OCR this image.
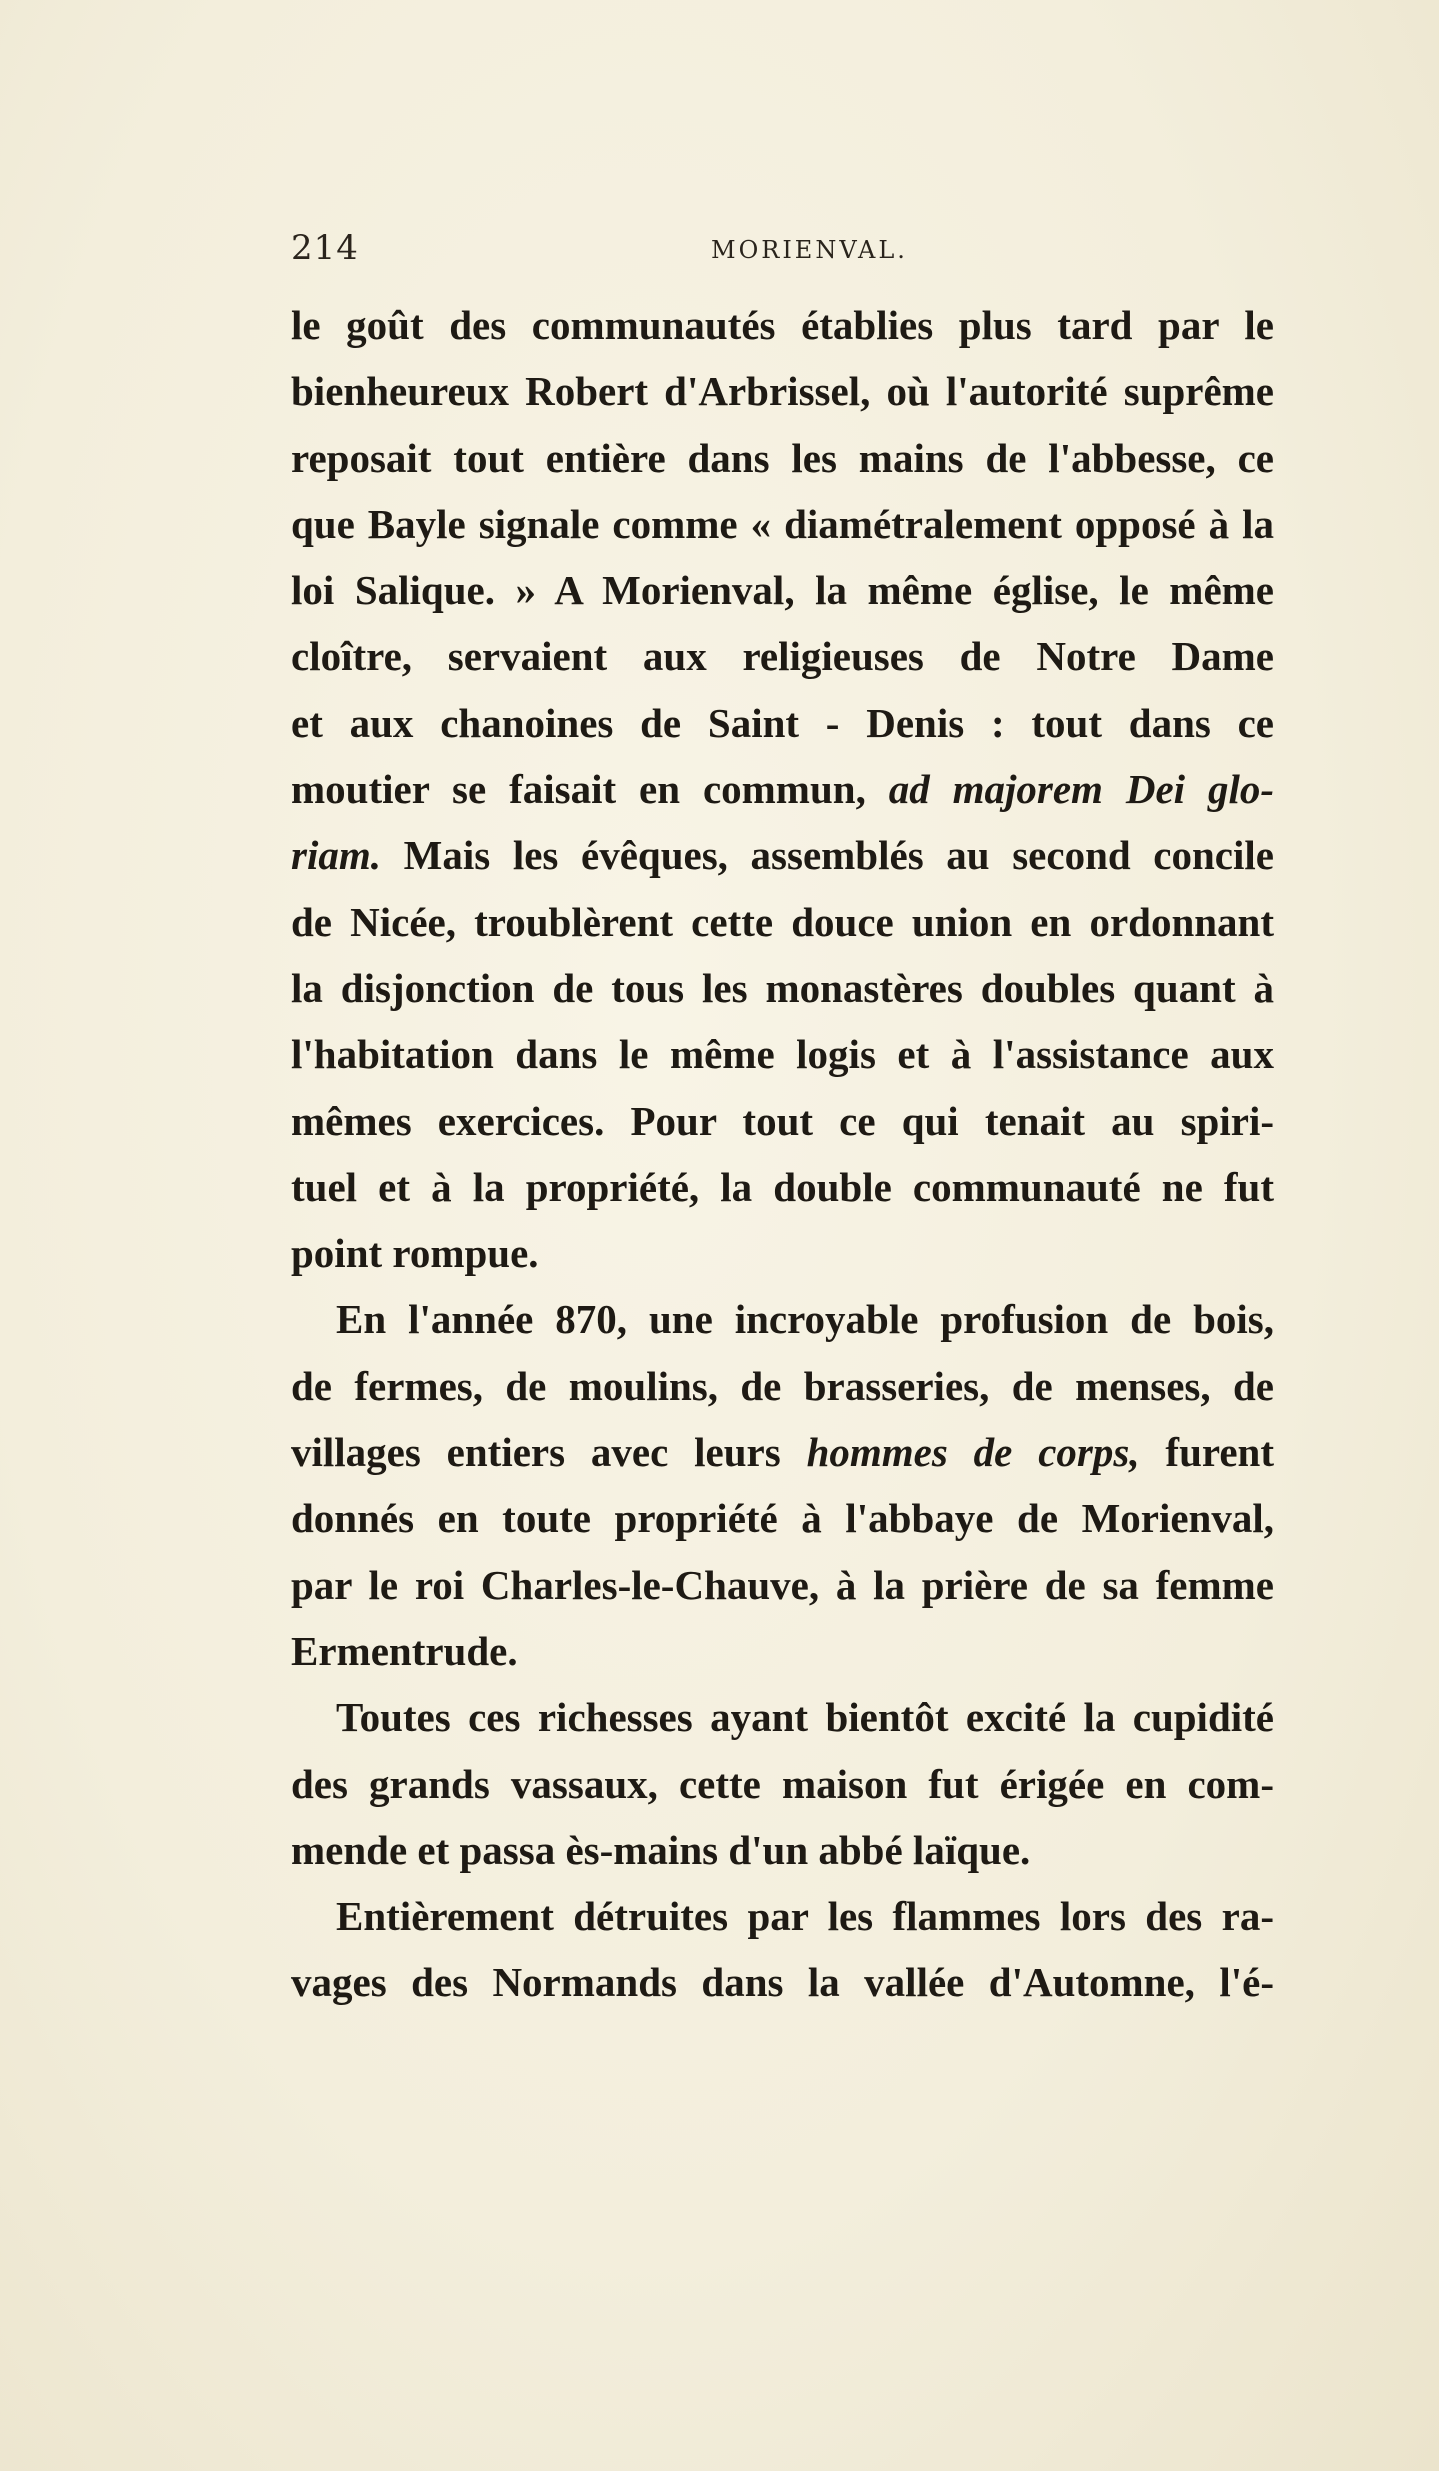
214	MORIENVAL.
le goût des communautés établies plus tard par le
bienheureux Robert d'Arbrissel, où l'autorité suprême
reposait tout entière dans les mains de l'abbesse, ce
que Bayle signale comme « diamétralement opposé à la
loi Salique. » A Morienval, la même église, le même
cloître, servaient aux religieuses de Notre Dame
et aux chanoines de Saint - Denis : tout dans ce
moutier se faisait en commun, ad majorem Dei glo-
riam. Mais les évêques, assemblés au second concile
de Nicée, troublèrent cette douce union en ordonnant
la disjonction de tous les monastères doubles quant à
l'habitation dans le même logis et à l'assistance aux
mêmes exercices. Pour tout ce qui tenait au spiri-
tuel et à la propriété, la double communauté ne fut
point rompue.
En l'année 870, une incroyable profusion de bois,
de fermes, de moulins, de brasseries, de menses, de
villages entiers avec leurs hommes de corps, furent
donnés en toute propriété à l'abbaye de Morienval,
par le roi Charles-le-Chauve, à la prière de sa femme
Ermentrude.
Toutes ces richesses ayant bientôt excité la cupidité
des grands vassaux, cette maison fut érigée en com-
mende et passa ès-mains d'un abbé laïque.
Entièrement détruites par les flammes lors des ra-
vages des Normands dans la vallée d'Automne, l'é-
